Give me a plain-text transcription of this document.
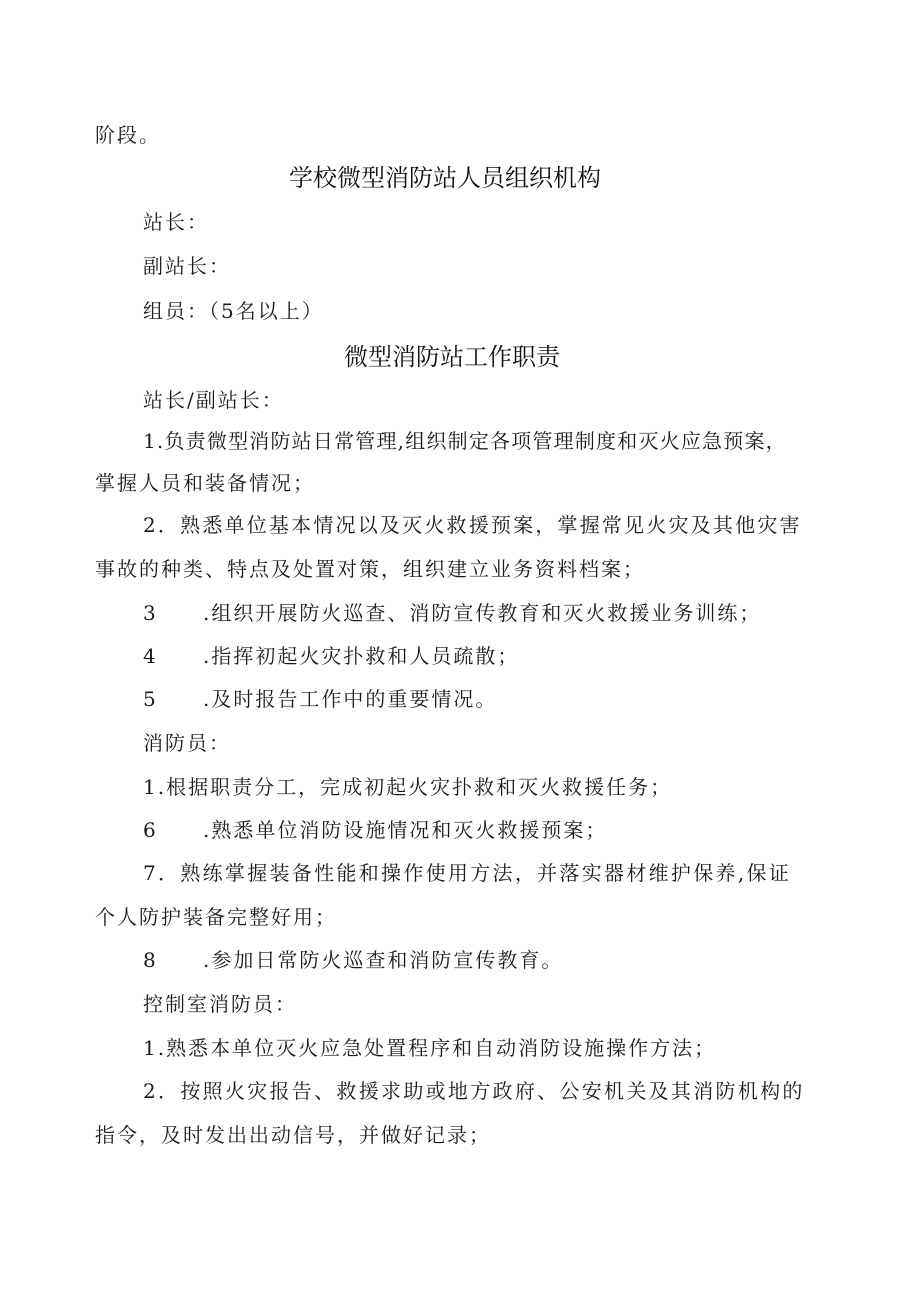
阶段。
学校微型消防站人员组织机构
站长：
副站长：
组员：（5名以上）
微型消防站工作职责
站长/副站长：
1.负责微型消防站日常管理,组织制定各项管理制度和灭火应急预案，
掌握人员和装备情况；
2．熟悉单位基本情况以及灭火救援预案，掌握常见火灾及其他灾害
事故的种类、特点及处置对策，组织建立业务资料档案；
3 .组织开展防火巡查、消防宣传教育和灭火救援业务训练；
4 .指挥初起火灾扑救和人员疏散；
5 .及时报告工作中的重要情况。
消防员：
1.根据职责分工，完成初起火灾扑救和灭火救援任务；
6 .熟悉单位消防设施情况和灭火救援预案；
7．熟练掌握装备性能和操作使用方法，并落实器材维护保养,保证
个人防护装备完整好用；
8 .参加日常防火巡查和消防宣传教育。
控制室消防员：
1.熟悉本单位灭火应急处置程序和自动消防设施操作方法；
2．按照火灾报告、救援求助或地方政府、公安机关及其消防机构的
指令，及时发出出动信号，并做好记录；
